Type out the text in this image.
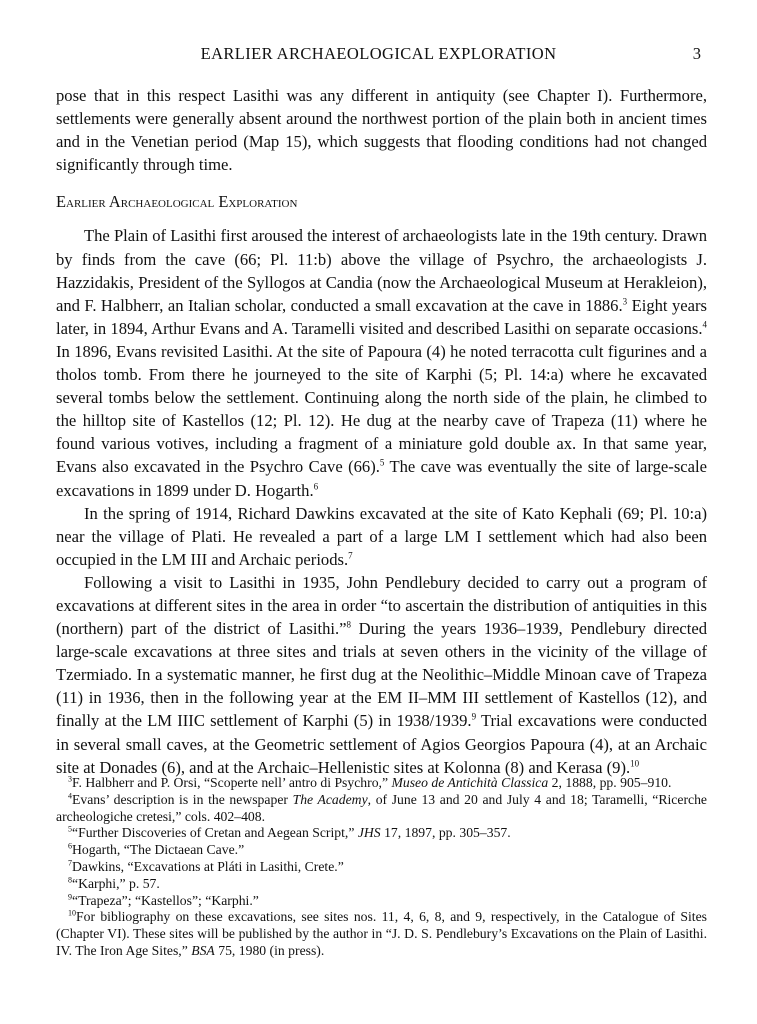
EARLIER ARCHAEOLOGICAL EXPLORATION	3

pose that in this respect Lasithi was any different in antiquity (see Chapter I). Furthermore, settlements were generally absent around the northwest portion of the plain both in ancient times and in the Venetian period (Map 15), which suggests that flooding conditions had not changed significantly through time.

Earlier Archaeological Exploration

The Plain of Lasithi first aroused the interest of archaeologists late in the 19th century. Drawn by finds from the cave (66; Pl. 11:b) above the village of Psychro, the archaeologists J. Hazzidakis, President of the Syllogos at Candia (now the Archaeological Museum at Herakleion), and F. Halbherr, an Italian scholar, conducted a small excavation at the cave in 1886.$^3$ Eight years later, in 1894, Arthur Evans and A. Taramelli visited and described Lasithi on separate occasions.$^4$ In 1896, Evans revisited Lasithi. At the site of Papoura (4) he noted terracotta cult figurines and a tholos tomb. From there he journeyed to the site of Karphi (5; Pl. 14:a) where he excavated several tombs below the settlement. Continuing along the north side of the plain, he climbed to the hilltop site of Kastellos (12; Pl. 12). He dug at the nearby cave of Trapeza (11) where he found various votives, including a fragment of a miniature gold double ax. In that same year, Evans also excavated in the Psychro Cave (66).$^5$ The cave was eventually the site of large-scale excavations in 1899 under D. Hogarth.$^6$

In the spring of 1914, Richard Dawkins excavated at the site of Kato Kephali (69; Pl. 10:a) near the village of Plati. He revealed a part of a large LM I settlement which had also been occupied in the LM III and Archaic periods.$^7$

Following a visit to Lasithi in 1935, John Pendlebury decided to carry out a program of excavations at different sites in the area in order “to ascertain the distribution of antiquities in this (northern) part of the district of Lasithi.”$^8$ During the years 1936–1939, Pendlebury directed large-scale excavations at three sites and trials at seven others in the vicinity of the village of Tzermiado. In a systematic manner, he first dug at the Neolithic–Middle Minoan cave of Trapeza (11) in 1936, then in the following year at the EM II–MM III settlement of Kastellos (12), and finally at the LM IIIC settlement of Karphi (5) in 1938/1939.$^9$ Trial excavations were conducted in several small caves, at the Geometric settlement of Agios Georgios Papoura (4), at an Archaic site at Donades (6), and at the Archaic–Hellenistic sites at Kolonna (8) and Kerasa (9).$^{10}$

$^3$F. Halbherr and P. Orsi, “Scoperte nell’ antro di Psychro,” Museo de Antichità Classica 2, 1888, pp. 905–910.

$^4$Evans’ description is in the newspaper The Academy, of June 13 and 20 and July 4 and 18; Taramelli, “Ricerche archeologiche cretesi,” cols. 402–408.

$^5$“Further Discoveries of Cretan and Aegean Script,” JHS 17, 1897, pp. 305–357.

$^6$Hogarth, “The Dictaean Cave.”

$^7$Dawkins, “Excavations at Pláti in Lasithi, Crete.”

$^8$“Karphi,” p. 57.

$^9$“Trapeza”; “Kastellos”; “Karphi.”

$^{10}$For bibliography on these excavations, see sites nos. 11, 4, 6, 8, and 9, respectively, in the Catalogue of Sites (Chapter VI). These sites will be published by the author in “J. D. S. Pendlebury’s Excavations on the Plain of Lasithi. IV. The Iron Age Sites,” BSA 75, 1980 (in press).
